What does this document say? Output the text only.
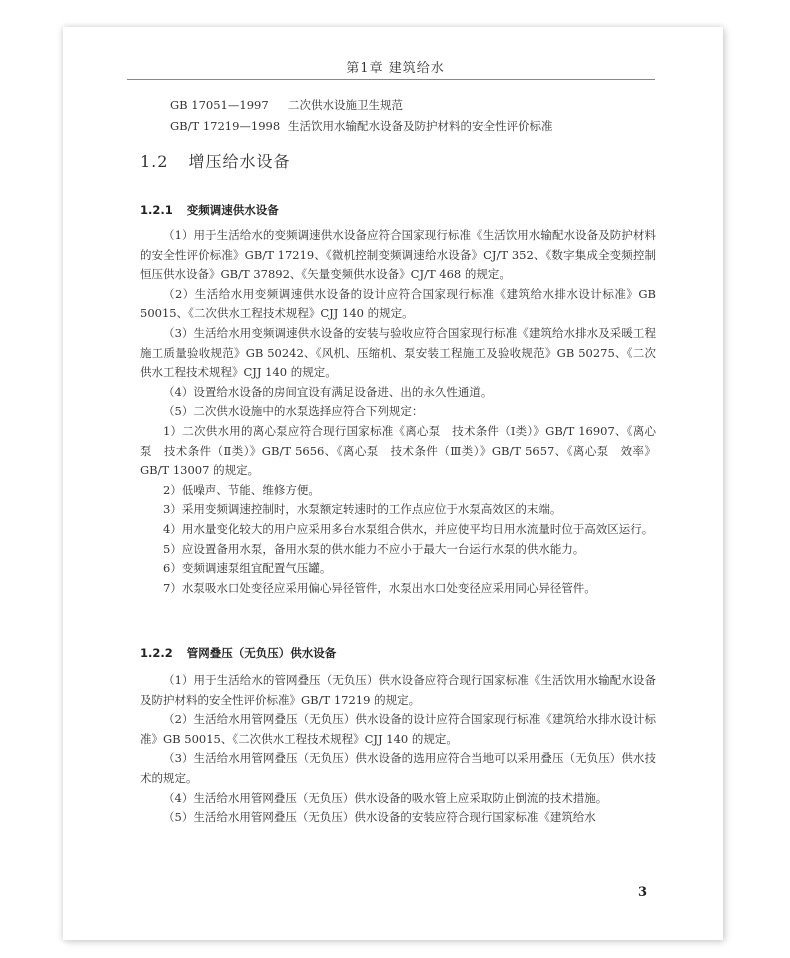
第1章 建筑给水
GB 17051—1997	二次供水设施卫生规范
GB/T 17219—1998 生活饮用水输配水设备及防护材料的安全性评价标准
1.2 增压给水设备
1.2.1 变频调速供水设备

（1）用于生活给水的变频调速供水设备应符合国家现行标准《生活饮用水输配水设备及防护材料的安全性评价标准》GB/T 17219、《微机控制变频调速给水设备》CJ/T 352、《数字集成全变频控制恒压供水设备》GB/T 37892、《矢量变频供水设备》CJ/T 468 的规定。

（2）生活给水用变频调速供水设备的设计应符合国家现行标准《建筑给水排水设计标准》GB 50015、《二次供水工程技术规程》CJJ 140 的规定。

（3）生活给水用变频调速供水设备的安装与验收应符合国家现行标准《建筑给水排水及采暖工程施工质量验收规范》GB 50242、《风机、压缩机、泵安装工程施工及验收规范》GB 50275、《二次供水工程技术规程》CJJ 140 的规定。

（4）设置给水设备的房间宜设有满足设备进、出的永久性通道。

（5）二次供水设施中的水泵选择应符合下列规定：

1）二次供水用的离心泵应符合现行国家标准《离心泵　技术条件（Ⅰ类）》GB/T 16907、《离心泵　技术条件（Ⅱ类）》GB/T 5656、《离心泵　技术条件（Ⅲ类）》GB/T 5657、《离心泵　效率》GB/T 13007 的规定。

2）低噪声、节能、维修方便。

3）采用变频调速控制时，水泵额定转速时的工作点应位于水泵高效区的末端。

4）用水量变化较大的用户应采用多台水泵组合供水，并应使平均日用水流量时位于高效区运行。

5）应设置备用水泵，备用水泵的供水能力不应小于最大一台运行水泵的供水能力。

6）变频调速泵组宜配置气压罐。

7）水泵吸水口处变径应采用偏心异径管件，水泵出水口处变径应采用同心异径管件。

1.2.2 管网叠压（无负压）供水设备

（1）用于生活给水的管网叠压（无负压）供水设备应符合现行国家标准《生活饮用水输配水设备及防护材料的安全性评价标准》GB/T 17219 的规定。

（2）生活给水用管网叠压（无负压）供水设备的设计应符合国家现行标准《建筑给水排水设计标准》GB 50015、《二次供水工程技术规程》CJJ 140 的规定。

（3）生活给水用管网叠压（无负压）供水设备的选用应符合当地可以采用叠压（无负压）供水技术的规定。

（4）生活给水用管网叠压（无负压）供水设备的吸水管上应采取防止倒流的技术措施。

（5）生活给水用管网叠压（无负压）供水设备的安装应符合现行国家标准《建筑给水

3
